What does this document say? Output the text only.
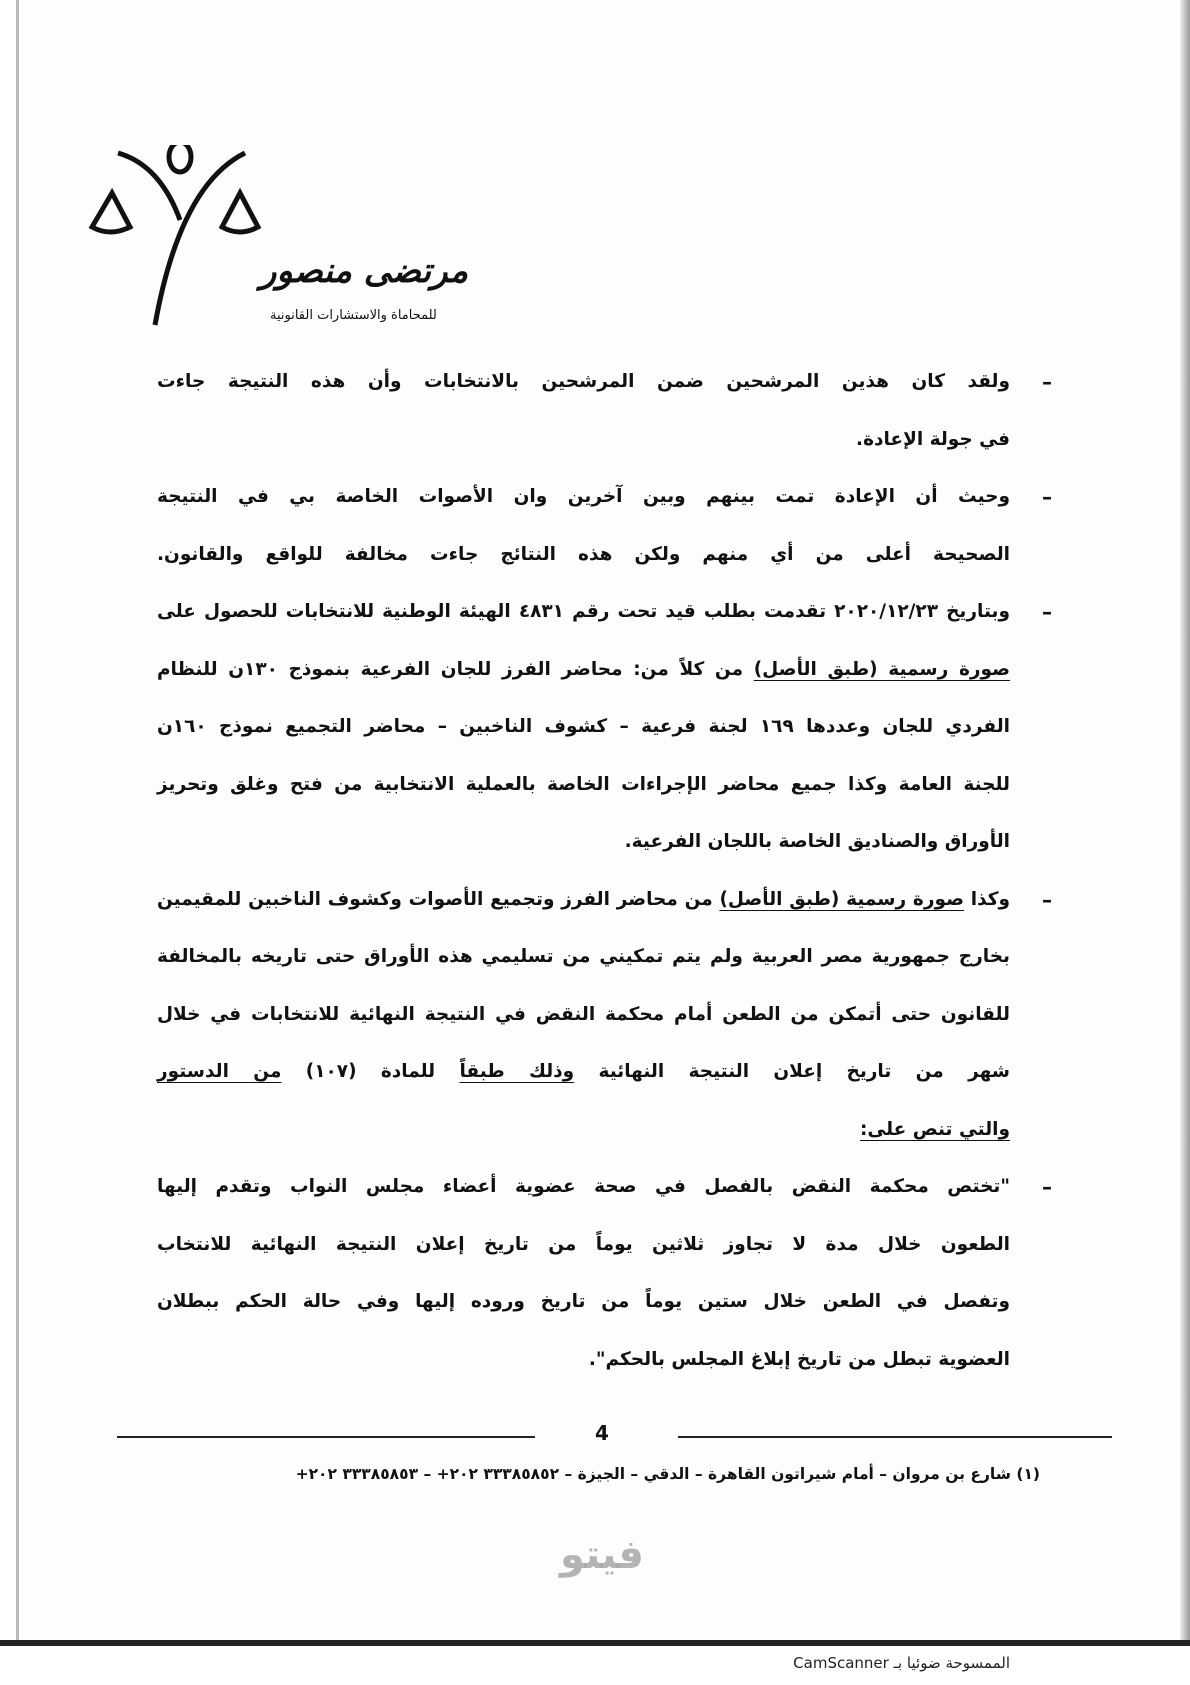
مرتضى منصور
للمحاماة والاستشارات القانونية
–
ولقد كان هذين المرشحين ضمن المرشحين بالانتخابات وأن هذه النتيجة جاءت
في جولة الإعادة.
–
وحيث أن الإعادة تمت بينهم وبين آخرين وان الأصوات الخاصة بي في النتيجة
الصحيحة أعلى من أي منهم ولكن هذه النتائج جاءت مخالفة للواقع والقانون.
–
وبتاريخ ٢٠٢٠/١٢/٢٣ تقدمت بطلب قيد تحت رقم ٤٨٣١ الهيئة الوطنية للانتخابات للحصول على
صورة رسمية (طبق الأصل) من كلاً من: محاضر الفرز للجان الفرعية بنموذج ١٣٠ن للنظام
الفردي للجان وعددها ١٦٩ لجنة فرعية – كشوف الناخبين – محاضر التجميع نموذج ١٦٠ن
للجنة العامة وكذا جميع محاضر الإجراءات الخاصة بالعملية الانتخابية من فتح وغلق وتحريز
الأوراق والصناديق الخاصة باللجان الفرعية.
–
وكذا صورة رسمية (طبق الأصل) من محاضر الفرز وتجميع الأصوات وكشوف الناخبين للمقيمين
بخارج جمهورية مصر العربية ولم يتم تمكيني من تسليمي هذه الأوراق حتى تاريخه بالمخالفة
للقانون حتى أتمكن من الطعن أمام محكمة النقض في النتيجة النهائية للانتخابات في خلال
شهر من تاريخ إعلان النتيجة النهائية وذلك طبقاً للمادة (١٠٧) من الدستور
والتي تنص على:
–
"تختص محكمة النقض بالفصل في صحة عضوية أعضاء مجلس النواب وتقدم إليها
الطعون خلال مدة لا تجاوز ثلاثين يوماً من تاريخ إعلان النتيجة النهائية للانتخاب
وتفصل في الطعن خلال ستين يوماً من تاريخ وروده إليها وفي حالة الحكم ببطلان
العضوية تبطل من تاريخ إبلاغ المجلس بالحكم".
4
(١) شارع بن مروان – أمام شيراتون القاهرة – الدقي – الجيزة – ٣٣٣٨٥٨٥٢ ٢٠٢+ – ٣٣٣٨٥٨٥٣ ٢٠٢+
فيتو
الممسوحة ضوئيا بـ CamScanner
